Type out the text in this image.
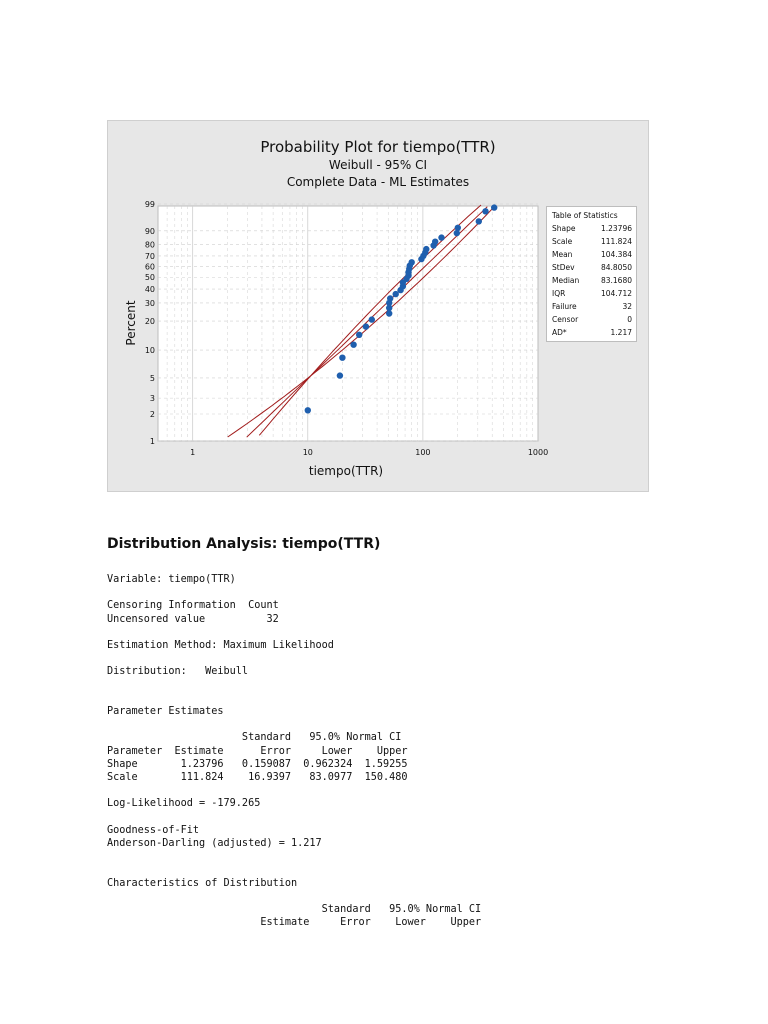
Probability Plot for tiempo(TTR)
Weibull - 95% CI
Complete Data - ML Estimates
1	10	100	1000
1
2
3
5
10
20
30
40
50
60
70
80
90
99
tiempo(TTR)
Percent
Table of Statistics
Shape	1.23796
Scale	111.824
Mean	104.384
StDev	84.8050
Median	83.1680
IQR	104.712
Failure	32
Censor	0
AD*	1.217
Distribution Analysis: tiempo(TTR)
Variable: tiempo(TTR)

Censoring Information  Count
Uncensored value          32

Estimation Method: Maximum Likelihood

Distribution:   Weibull

Parameter Estimates

Standard   95.0% Normal CI
Parameter  Estimate      Error     Lower    Upper
Shape       1.23796   0.159087  0.962324  1.59255
Scale       111.824    16.9397   83.0977  150.480

Log-Likelihood = -179.265

Goodness-of-Fit
Anderson-Darling (adjusted) = 1.217

Characteristics of Distribution

Standard   95.0% Normal CI
Estimate     Error    Lower    Upper
